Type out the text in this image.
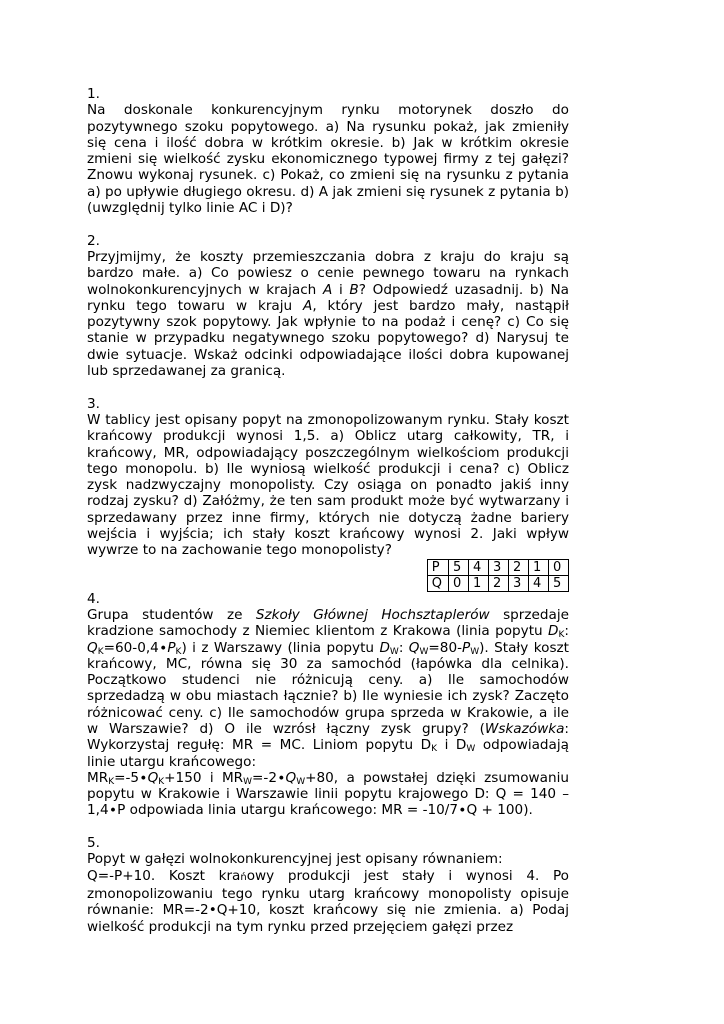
1.

Na doskonale konkurencyjnym rynku motorynek doszło do pozytywnego szoku popytowego. a) Na rysunku pokaż, jak zmieniły się cena i ilość dobra w krótkim okresie. b) Jak w krótkim okresie zmieni się wielkość zysku ekonomicznego typowej firmy z tej gałęzi? Znowu wykonaj rysunek. c) Pokaż, co zmieni się na rysunku z pytania a) po upływie długiego okresu. d) A jak zmieni się rysunek z pytania b) (uwzględnij tylko linie AC i D)?

2.

Przyjmijmy, że koszty przemieszczania dobra z kraju do kraju są bardzo małe. a) Co powiesz o cenie pewnego towaru na rynkach wolnokonkurencyjnych w krajach A i B? Odpowiedź uzasadnij. b) Na rynku tego towaru w kraju A, który jest bardzo mały, nastąpił pozytywny szok popytowy. Jak wpłynie to na podaż i cenę? c) Co się stanie w przypadku negatywnego szoku popytowego? d) Narysuj te dwie sytuacje. Wskaż odcinki odpowiadające ilości dobra kupowanej lub sprzedawanej za granicą.

3.

W tablicy jest opisany popyt na zmonopolizowanym rynku. Stały koszt krańcowy produkcji wynosi 1,5. a) Oblicz utarg całkowity, TR, i krańcowy, MR, odpowiadający poszczególnym wielkościom produkcji tego monopolu. b) Ile wyniosą wielkość produkcji i cena? c) Oblicz zysk nadzwyczajny monopolisty. Czy osiąga on ponadto jakiś inny rodzaj zysku? d) Załóżmy, że ten sam produkt może być wytwarzany i sprzedawany przez inne firmy, których nie dotyczą żadne bariery wejścia i wyjścia; ich stały koszt krańcowy wynosi 2. Jaki wpływ wywrze to na zachowanie tego monopolisty?

P	5	4	3	2	1	0
Q	0	1	2	3	4	5

4.

Grupa studentów ze Szkoły Głównej Hochsztaplerów sprzedaje kradzione samochody z Niemiec klientom z Krakowa (linia popytu $D_K$: $Q_K=60-0,4\cdot P_K$) i z Warszawy (linia popytu $D_W$: $Q_W=80-P_W$). Stały koszt krańcowy, MC, równa się 30 za samochód (łapówka dla celnika). Początkowo studenci nie różnicują ceny. a) Ile samochodów sprzedadzą w obu miastach łącznie? b) Ile wyniesie ich zysk? Zaczęto różnicować ceny. c) Ile samochodów grupa sprzeda w Krakowie, a ile w Warszawie? d) O ile wzrósł łączny zysk grupy? (Wskazówka: Wykorzystaj regułę: MR = MC. Liniom popytu $D_K$ i $D_W$ odpowiadają linie utargu krańcowego:

$MR_K=-5\cdot Q_K+150$ i $MR_W=-2\cdot Q_W+80$, a powstałej dzięki zsumowaniu popytu w Krakowie i Warszawie linii popytu krajowego D: Q = 140 – 1,4∙P odpowiada linia utargu krańcowego: MR = -10/7∙Q + 100).

5.

Popyt w gałęzi wolnokonkurencyjnej jest opisany równaniem:

Q=-P+10. Koszt krańowy produkcji jest stały i wynosi 4. Po zmonopolizowaniu tego rynku utarg krańcowy monopolisty opisuje równanie: MR=-2•Q+10, koszt krańcowy się nie zmienia. a) Podaj wielkość produkcji na tym rynku przed przejęciem gałęzi przez
